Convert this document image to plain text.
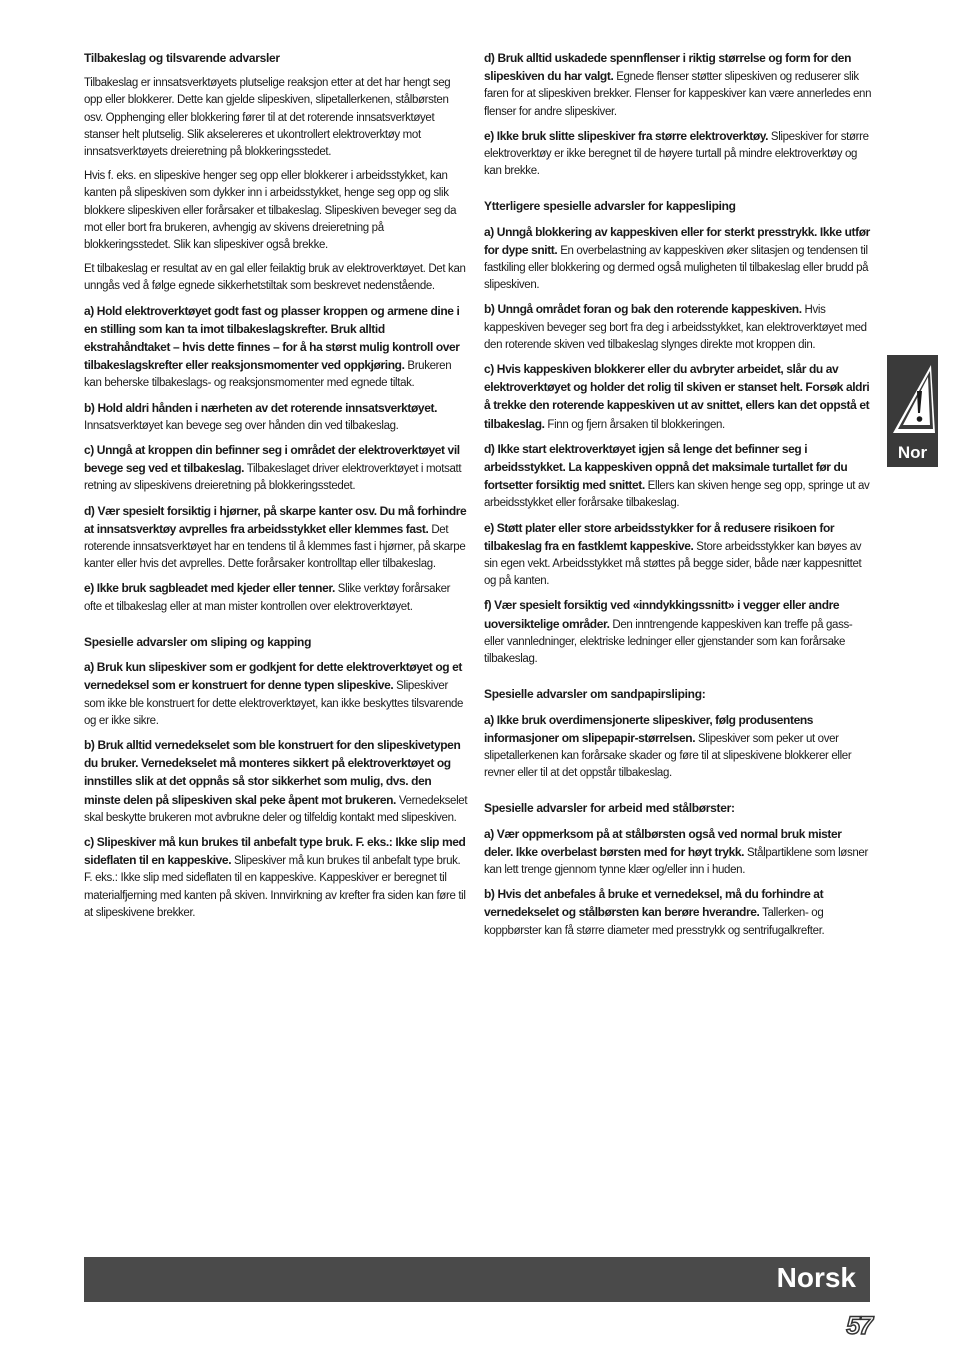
Tilbakeslag og tilsvarende advarsler

Tilbakeslag er innsatsverktøyets plutselige reaksjon etter at det har hengt seg opp eller blokkerer. Dette kan gjelde slipeskiven, slipetallerkenen, stålbørsten osv. Opphenging eller blokkering fører til at det roterende innsatsverktøyet stanser helt plutselig. Slik akselereres et ukontrollert elektroverktøy mot innsatsverktøyets dreieretning på blokkeringsstedet.

Hvis f. eks. en slipeskive henger seg opp eller blokkerer i arbeidsstykket, kan kanten på slipeskiven som dykker inn i arbeidsstykket, henge seg opp og slik blokkere slipeskiven eller forårsaker et tilbakeslag. Slipeskiven beveger seg da mot eller bort fra brukeren, avhengig av skivens dreieretning på blokkeringsstedet. Slik kan slipeskiver også brekke.

Et tilbakeslag er resultat av en gal eller feilaktig bruk av elektroverktøyet. Det kan unngås ved å følge egnede sikkerhetstiltak som beskrevet nedenstående.

a) Hold elektroverktøyet godt fast og plasser kroppen og armene dine i en stilling som kan ta imot tilbakeslagskrefter. Bruk alltid ekstrahåndtaket – hvis dette finnes – for å ha størst mulig kontroll over tilbakeslagskrefter eller reaksjonsmomenter ved oppkjøring. Brukeren kan beherske tilbakeslags- og reaksjonsmomenter med egnede tiltak.

b) Hold aldri hånden i nærheten av det roterende innsatsverktøyet. Innsatsverktøyet kan bevege seg over hånden din ved tilbakeslag.

c) Unngå at kroppen din befinner seg i området der elektroverktøyet vil bevege seg ved et tilbakeslag. Tilbakeslaget driver elektroverktøyet i motsatt retning av slipeskivens dreieretning på blokkeringsstedet.

d) Vær spesielt forsiktig i hjørner, på skarpe kanter osv. Du må forhindre at innsatsverktøy avprelles fra arbeidsstykket eller klemmes fast. Det roterende innsatsverktøyet har en tendens til å klemmes fast i hjørner, på skarpe kanter eller hvis det avprelles. Dette forårsaker kontrolltap eller tilbakeslag.

e) Ikke bruk sagbleadet med kjeder eller tenner. Slike verktøy forårsaker ofte et tilbakeslag eller at man mister kontrollen over elektroverktøyet.

Spesielle advarsler om sliping og kapping

a) Bruk kun slipeskiver som er godkjent for dette elektroverktøyet og et vernedeksel som er konstruert for denne typen slipeskive. Slipeskiver som ikke ble konstruert for dette elektroverktøyet, kan ikke beskyttes tilsvarende og er ikke sikre.

b) Bruk alltid vernedekselet som ble konstruert for den slipeskivetypen du bruker. Vernedekselet må monteres sikkert på elektroverktøyet og innstilles slik at det oppnås så stor sikkerhet som mulig, dvs. den minste delen på slipeskiven skal peke åpent mot brukeren. Vernedekselet skal beskytte brukeren mot avbrukne deler og tilfeldig kontakt med slipeskiven.

c) Slipeskiver må kun brukes til anbefalt type bruk. F. eks.: Ikke slip med sideflaten til en kappeskive. Slipeskiver må kun brukes til anbefalt type bruk. F. eks.: Ikke slip med sideflaten til en kappeskive. Kappeskiver er beregnet til materialfjerning med kanten på skiven. Innvirkning av krefter fra siden kan føre til at slipeskivene brekker.

d) Bruk alltid uskadede spennflenser i riktig størrelse og form for den slipeskiven du har valgt. Egnede flenser støtter slipeskiven og reduserer slik faren for at slipeskiven brekker. Flenser for kappeskiver kan være annerledes enn flenser for andre slipeskiver.

e) Ikke bruk slitte slipeskiver fra større elektroverktøy. Slipeskiver for større elektroverktøy er ikke beregnet til de høyere turtall på mindre elektroverktøy og kan brekke.

Ytterligere spesielle advarsler for kappesliping

a) Unngå blokkering av kappeskiven eller for sterkt presstrykk. Ikke utfør for dype snitt. En overbelastning av kappeskiven øker slitasjen og tendensen til fastkiling eller blokkering og dermed også muligheten til tilbakeslag eller brudd på slipeskiven.

b) Unngå området foran og bak den roterende kappeskiven. Hvis kappeskiven beveger seg bort fra deg i arbeidsstykket, kan elektroverktøyet med den roterende skiven ved tilbakeslag slynges direkte mot kroppen din.

c) Hvis kappeskiven blokkerer eller du avbryter arbeidet, slår du av elektroverktøyet og holder det rolig til skiven er stanset helt. Forsøk aldri å trekke den roterende kappeskiven ut av snittet, ellers kan det oppstå et tilbakeslag. Finn og fjern årsaken til blokkeringen.

d) Ikke start elektroverktøyet igjen så lenge det befinner seg i arbeidsstykket. La kappeskiven oppnå det maksimale turtallet før du fortsetter forsiktig med snittet. Ellers kan skiven henge seg opp, springe ut av arbeidsstykket eller forårsake tilbakeslag.

e) Støtt plater eller store arbeidsstykker for å redusere risikoen for tilbakeslag fra en fastklemt kappeskive. Store arbeidsstykker kan bøyes av sin egen vekt. Arbeidsstykket må støttes på begge sider, både nær kappesnittet og på kanten.

f) Vær spesielt forsiktig ved «inndykkingssnitt» i vegger eller andre uoversiktelige områder. Den inntrengende kappeskiven kan treffe på gass- eller vannledninger, elektriske ledninger eller gjenstander som kan forårsake tilbakeslag.

Spesielle advarsler om sandpapirsliping:

a) Ikke bruk overdimensjonerte slipeskiver, følg produsentens informasjoner om slipepapir-størrelsen. Slipeskiver som peker ut over slipetallerkenen kan forårsake skader og føre til at slipeskivene blokkerer eller revner eller til at det oppstår tilbakeslag.

Spesielle advarsler for arbeid med stålbørster:

a) Vær oppmerksom på at stålbørsten også ved normal bruk mister deler. Ikke overbelast børsten med for høyt trykk. Stålpartiklene som løsner kan lett trenge gjennom tynne klær og/eller inn i huden.

b) Hvis det anbefales å bruke et vernedeksel, må du forhindre at vernedekselet og stålbørsten kan berøre hverandre. Tallerken- og koppbørster kan få større diameter med presstrykk og sentrifugalkrefter.

Nor
Norsk
57
